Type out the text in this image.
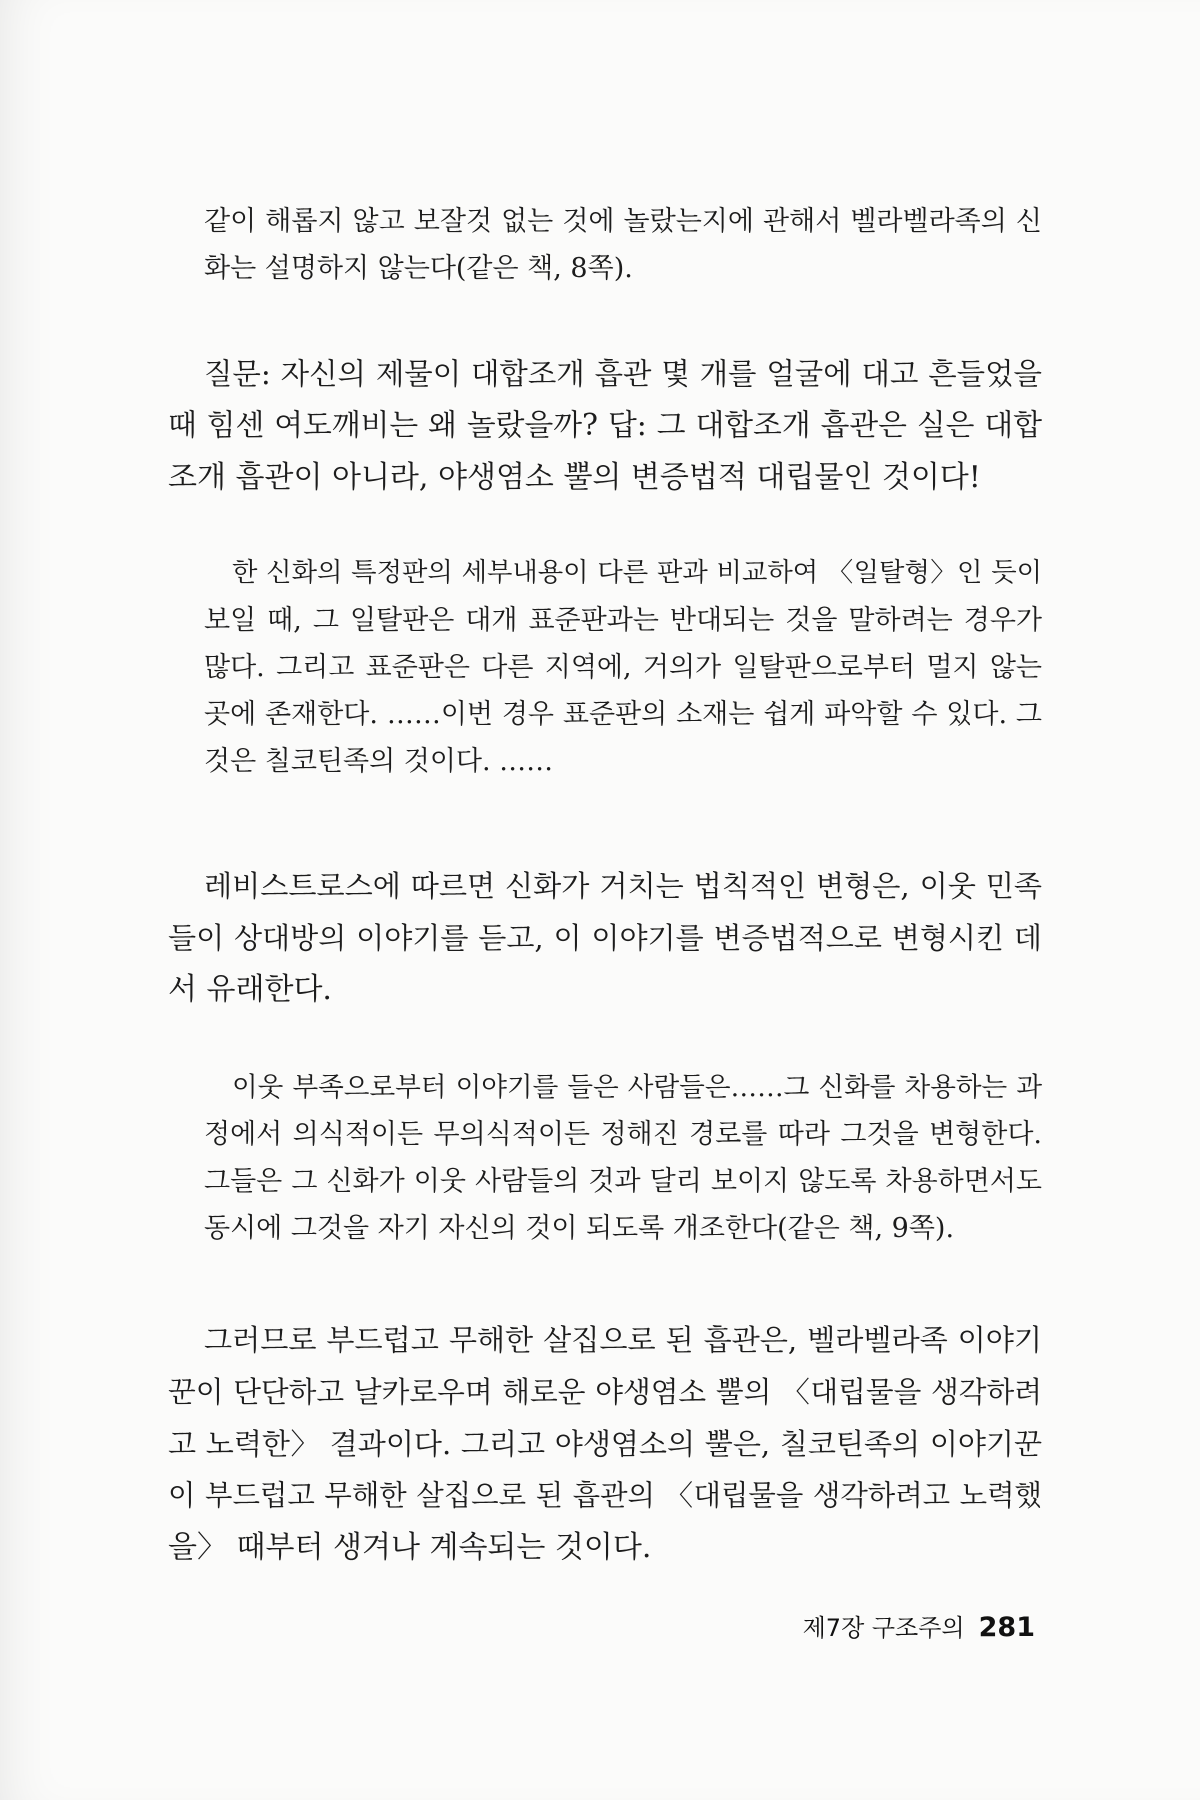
같이 해롭지 않고 보잘것 없는 것에 놀랐는지에 관해서 벨라벨라족의 신
화는 설명하지 않는다(같은 책, 8쪽).
질문: 자신의 제물이 대합조개 흡관 몇 개를 얼굴에 대고 흔들었을
때 힘센 여도깨비는 왜 놀랐을까? 답: 그 대합조개 흡관은 실은 대합
조개 흡관이 아니라, 야생염소 뿔의 변증법적 대립물인 것이다!
한 신화의 특정판의 세부내용이 다른 판과 비교하여 〈일탈형〉인 듯이
보일 때, 그 일탈판은 대개 표준판과는 반대되는 것을 말하려는 경우가
많다. 그리고 표준판은 다른 지역에, 거의가 일탈판으로부터 멀지 않는
곳에 존재한다. ……이번 경우 표준판의 소재는 쉽게 파악할 수 있다. 그
것은 칠코틴족의 것이다. ……
레비스트로스에 따르면 신화가 거치는 법칙적인 변형은, 이웃 민족
들이 상대방의 이야기를 듣고, 이 이야기를 변증법적으로 변형시킨 데
서 유래한다.
이웃 부족으로부터 이야기를 들은 사람들은……그 신화를 차용하는 과
정에서 의식적이든 무의식적이든 정해진 경로를 따라 그것을 변형한다.
그들은 그 신화가 이웃 사람들의 것과 달리 보이지 않도록 차용하면서도
동시에 그것을 자기 자신의 것이 되도록 개조한다(같은 책, 9쪽).
그러므로 부드럽고 무해한 살집으로 된 흡관은, 벨라벨라족 이야기
꾼이 단단하고 날카로우며 해로운 야생염소 뿔의 〈대립물을 생각하려
고 노력한〉 결과이다. 그리고 야생염소의 뿔은, 칠코틴족의 이야기꾼
이 부드럽고 무해한 살집으로 된 흡관의 〈대립물을 생각하려고 노력했
을〉 때부터 생겨나 계속되는 것이다.
제7장 구조주의 281
